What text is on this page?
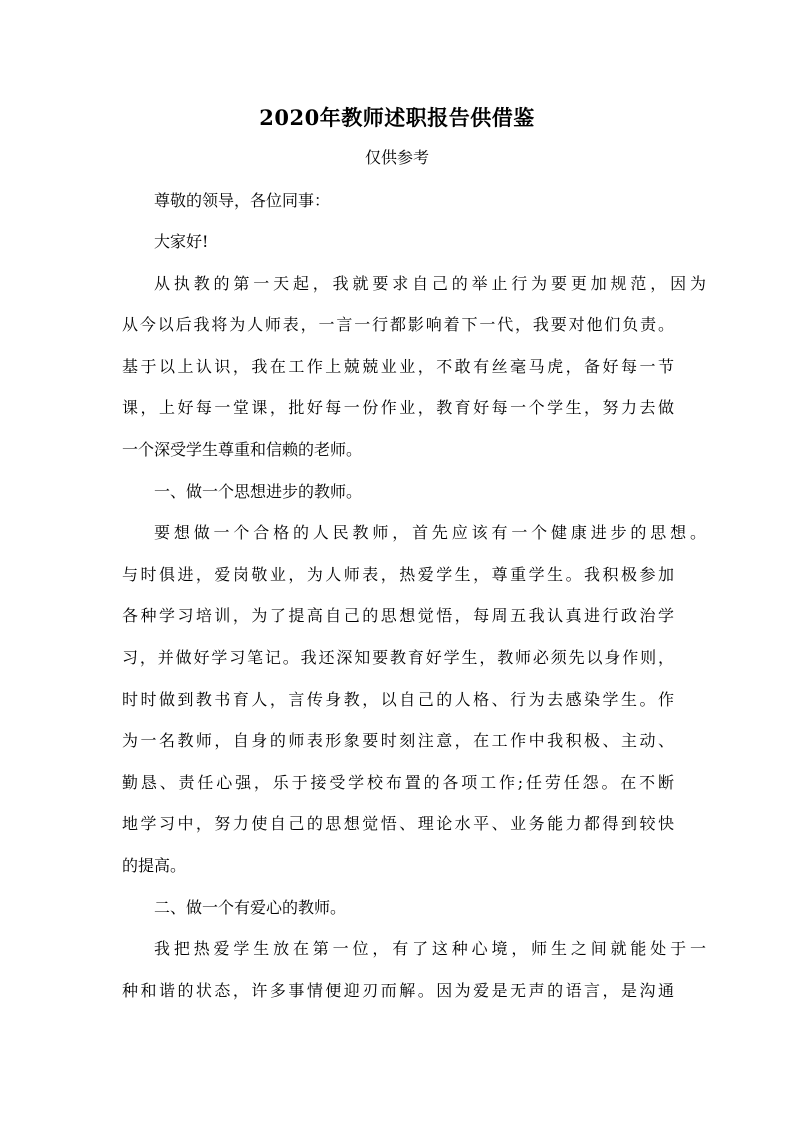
2020年教师述职报告供借鉴
仅供参考
尊敬的领导，各位同事：
大家好!
从执教的第一天起，我就要求自己的举止行为要更加规范，因为
从今以后我将为人师表，一言一行都影响着下一代，我要对他们负责。
基于以上认识，我在工作上兢兢业业，不敢有丝毫马虎，备好每一节
课，上好每一堂课，批好每一份作业，教育好每一个学生，努力去做
一个深受学生尊重和信赖的老师。
一、做一个思想进步的教师。
要想做一个合格的人民教师，首先应该有一个健康进步的思想。
与时俱进，爱岗敬业，为人师表，热爱学生，尊重学生。我积极参加
各种学习培训，为了提高自己的思想觉悟，每周五我认真进行政治学
习，并做好学习笔记。我还深知要教育好学生，教师必须先以身作则，
时时做到教书育人，言传身教，以自己的人格、行为去感染学生。作
为一名教师，自身的师表形象要时刻注意，在工作中我积极、主动、
勤恳、责任心强，乐于接受学校布置的各项工作;任劳任怨。在不断
地学习中，努力使自己的思想觉悟、理论水平、业务能力都得到较快
的提高。
二、做一个有爱心的教师。
我把热爱学生放在第一位，有了这种心境，师生之间就能处于一
种和谐的状态，许多事情便迎刃而解。因为爱是无声的语言，是沟通
